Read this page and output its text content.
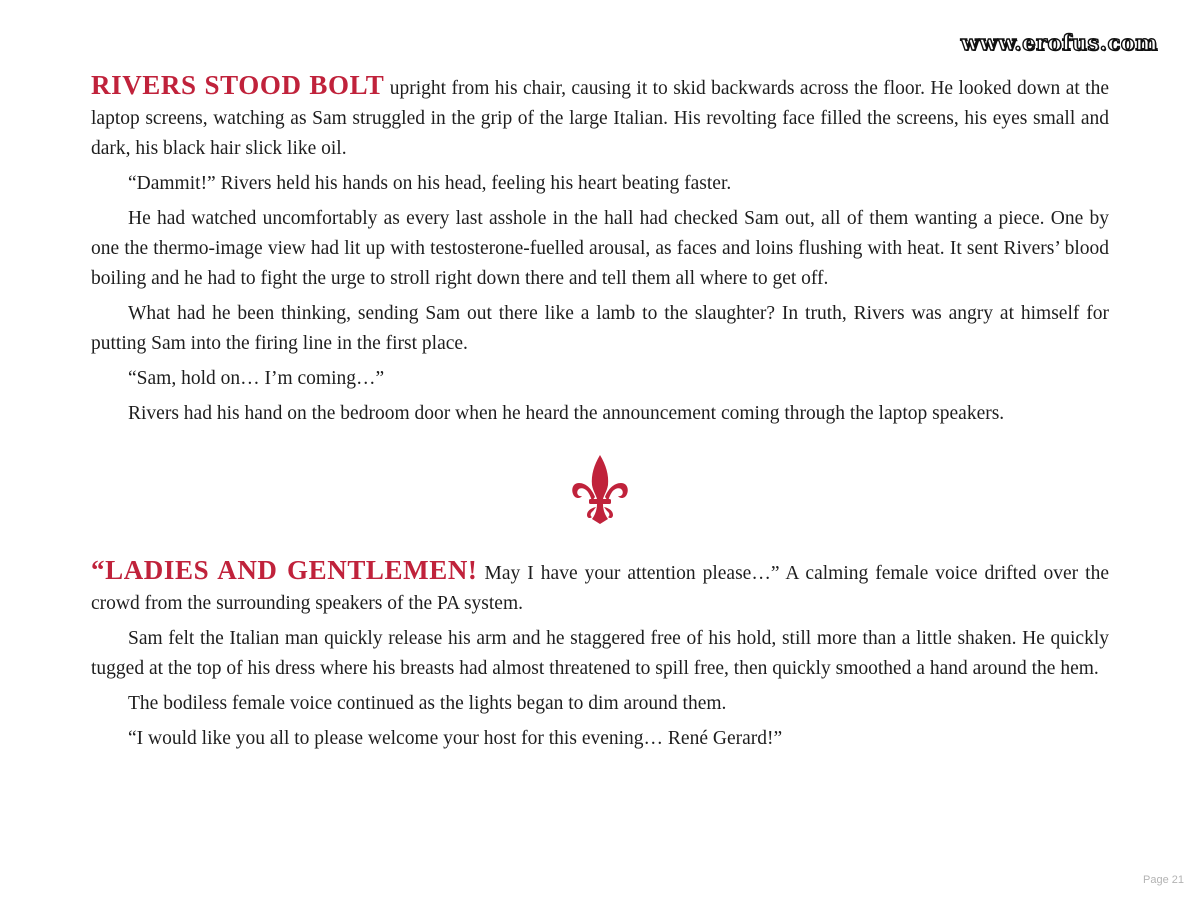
www.erofus.com

RIVERS STOOD BOLT upright from his chair, causing it to skid backwards across the floor. He looked down at the laptop screens, watching as Sam struggled in the grip of the large Italian. His revolting face filled the screens, his eyes small and dark, his black hair slick like oil.

“Dammit!” Rivers held his hands on his head, feeling his heart beating faster.

He had watched uncomfortably as every last asshole in the hall had checked Sam out, all of them wanting a piece. One by one the thermo-image view had lit up with testosterone-fuelled arousal, as faces and loins flushing with heat. It sent Rivers’ blood boiling and he had to fight the urge to stroll right down there and tell them all where to get off.

What had he been thinking, sending Sam out there like a lamb to the slaughter? In truth, Rivers was angry at himself for putting Sam into the firing line in the first place.

“Sam, hold on… I’m coming…”

Rivers had his hand on the bedroom door when he heard the announcement coming through the laptop speakers.

“LADIES AND GENTLEMEN! May I have your attention please…” A calming female voice drifted over the crowd from the surrounding speakers of the PA system.

Sam felt the Italian man quickly release his arm and he staggered free of his hold, still more than a little shaken. He quickly tugged at the top of his dress where his breasts had almost threatened to spill free, then quickly smoothed a hand around the hem.

The bodiless female voice continued as the lights began to dim around them.

“I would like you all to please welcome your host for this evening… René Gerard!”

Page 21
